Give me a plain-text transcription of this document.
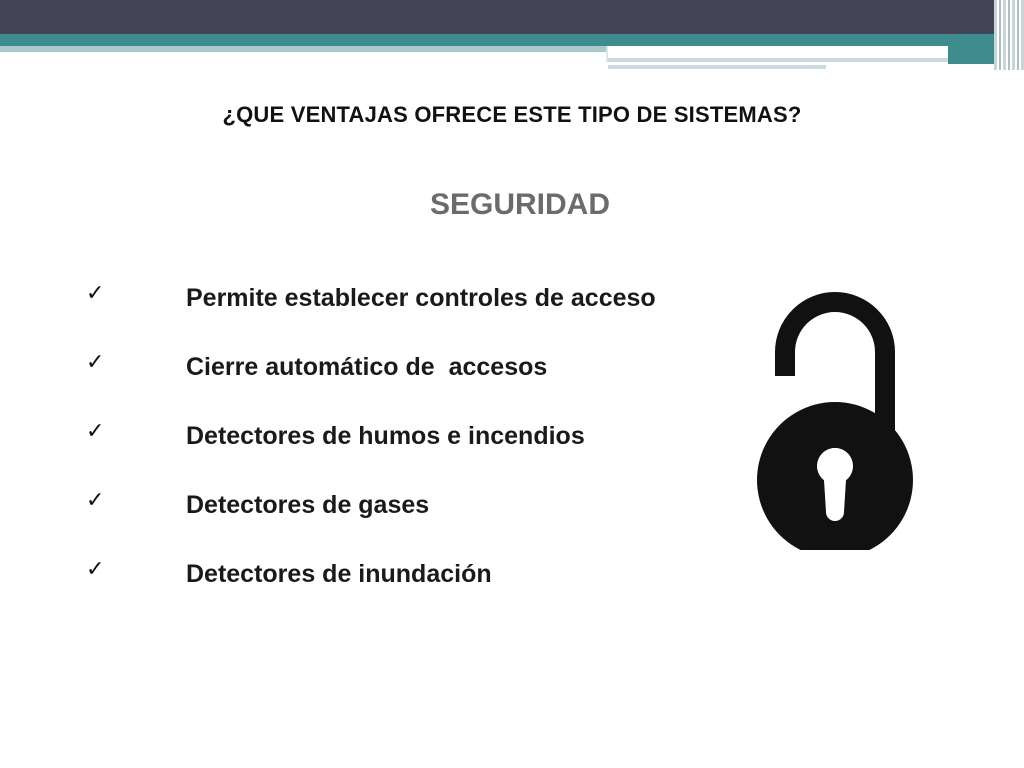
¿QUE VENTAJAS OFRECE ESTE TIPO DE SISTEMAS?
SEGURIDAD
✓	Permite establecer controles de acceso
✓	Cierre automático de  accesos
✓	Detectores de humos e incendios
✓	Detectores de gases
✓	Detectores de inundación
